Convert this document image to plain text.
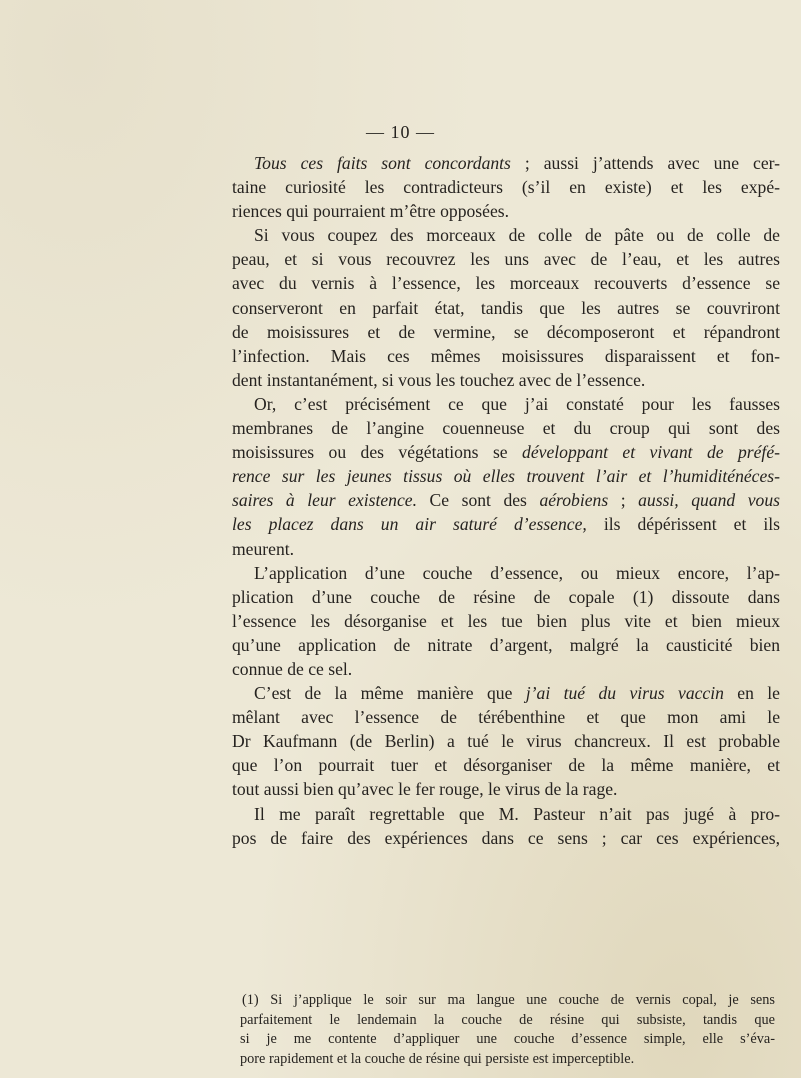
— 10 —
Tous ces faits sont concordants ; aussi j’attends avec une cer-
taine curiosité les contradicteurs (s’il en existe) et les expé-
riences qui pourraient m’être opposées.
Si vous coupez des morceaux de colle de pâte ou de colle de
peau, et si vous recouvrez les uns avec de l’eau, et les autres
avec du vernis à l’essence, les morceaux recouverts d’essence se
conserveront en parfait état, tandis que les autres se couvriront
de moisissures et de vermine, se décomposeront et répandront
l’infection. Mais ces mêmes moisissures disparaissent et fon-
dent instantanément, si vous les touchez avec de l’essence.
Or, c’est précisément ce que j’ai constaté pour les fausses
membranes de l’angine couenneuse et du croup qui sont des
moisissures ou des végétations se développant et vivant de préfé-
rence sur les jeunes tissus où elles trouvent l’air et l’humiditénéces-
saires à leur existence. Ce sont des aérobiens ; aussi, quand vous
les placez dans un air saturé d’essence, ils dépérissent et ils
meurent.
L’application d’une couche d’essence, ou mieux encore, l’ap-
plication d’une couche de résine de copale (1) dissoute dans
l’essence les désorganise et les tue bien plus vite et bien mieux
qu’une application de nitrate d’argent, malgré la causticité bien
connue de ce sel.
C’est de la même manière que j’ai tué du virus vaccin en le
mêlant avec l’essence de térébenthine et que mon ami le
Dr Kaufmann (de Berlin) a tué le virus chancreux. Il est probable
que l’on pourrait tuer et désorganiser de la même manière, et
tout aussi bien qu’avec le fer rouge, le virus de la rage.
Il me paraît regrettable que M. Pasteur n’ait pas jugé à pro-
pos de faire des expériences dans ce sens ; car ces expériences,
(1) Si j’applique le soir sur ma langue une couche de vernis copal, je sens
parfaitement le lendemain la couche de résine qui subsiste, tandis que
si je me contente d’appliquer une couche d’essence simple, elle s’éva-
pore rapidement et la couche de résine qui persiste est imperceptible.
